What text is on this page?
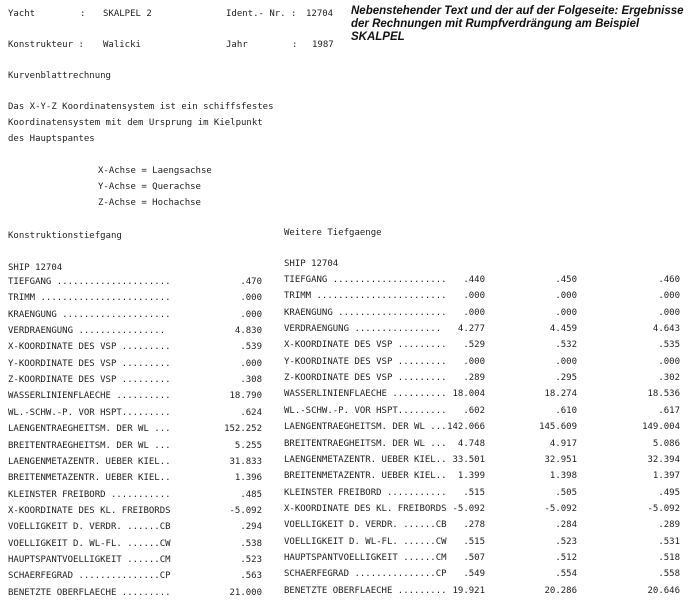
Yacht	: SKALPEL 2	Ident.- Nr. : 12704
Konstrukteur : Walicki	Jahr	: 1987
Nebenstehender Text und der auf der Folgeseite: Ergebnisse
der Rechnungen mit Rumpfverdrängung am Beispiel
SKALPEL
Kurvenblattrechnung
Das X-Y-Z Koordinatensystem ist ein schiffsfestes
Koordinatensystem mit dem Ursprung im Kielpunkt
des Hauptspantes
X-Achse = Laengsachse
Y-Achse = Querachse
Z-Achse = Hochachse
Konstruktionstiefgang	Weitere Tiefgaenge
SHIP 12704	SHIP 12704
TIEFGANG .....................	.470
TRIMM ........................	.000
KRAENGUNG ....................	.000
VERDRAENGUNG ................	4.830
X-KOORDINATE DES VSP .........	.539
Y-KOORDINATE DES VSP .........	.000
Z-KOORDINATE DES VSP .........	.308
WASSERLINIENFLAECHE ..........	18.790
WL.-SCHW.-P. VOR HSPT.........	.624
LAENGENTRAEGHEITSM. DER WL ...	152.252
BREITENTRAEGHEITSM. DER WL ...	5.255
LAENGENMETAZENTR. UEBER KIEL..	31.833
BREITENMETAZENTR. UEBER KIEL..	1.396
KLEINSTER FREIBORD ...........	.485
X-KOORDINATE DES KL. FREIBORDS	-5.092
VOELLIGKEIT D. VERDR. ......CB	.294
VOELLIGKEIT D. WL-FL. ......CW	.538
HAUPTSPANTVOELLIGKEIT ......CM	.523
SCHAERFEGRAD ...............CP	.563
BENETZTE OBERFLAECHE .........	21.000
TIEFGANG .....................	.440	.450	.460
TRIMM ........................	.000	.000	.000
KRAENGUNG ....................	.000	.000	.000
VERDRAENGUNG ................	4.277	4.459	4.643
X-KOORDINATE DES VSP .........	.529	.532	.535
Y-KOORDINATE DES VSP .........	.000	.000	.000
Z-KOORDINATE DES VSP .........	.289	.295	.302
WASSERLINIENFLAECHE .......... 18.004	18.274	18.536
WL.-SCHW.-P. VOR HSPT.........	.602	.610	.617
LAENGENTRAEGHEITSM. DER WL ... 142.066	145.609	149.004
BREITENTRAEGHEITSM. DER WL ...	4.748	4.917	5.086
LAENGENMETAZENTR. UEBER KIEL.. 33.501	32.951	32.394
BREITENMETAZENTR. UEBER KIEL..	1.399	1.398	1.397
KLEINSTER FREIBORD ...........	.515	.505	.495
X-KOORDINATE DES KL. FREIBORDS -5.092	-5.092	-5.092
VOELLIGKEIT D. VERDR. ......CB	.278	.284	.289
VOELLIGKEIT D. WL-FL. ......CW	.515	.523	.531
HAUPTSPANTVOELLIGKEIT ......CM	.507	.512	.518
SCHAERFEGRAD ...............CP	.549	.554	.558
BENETZTE OBERFLAECHE ......... 19.921	20.286	20.646
